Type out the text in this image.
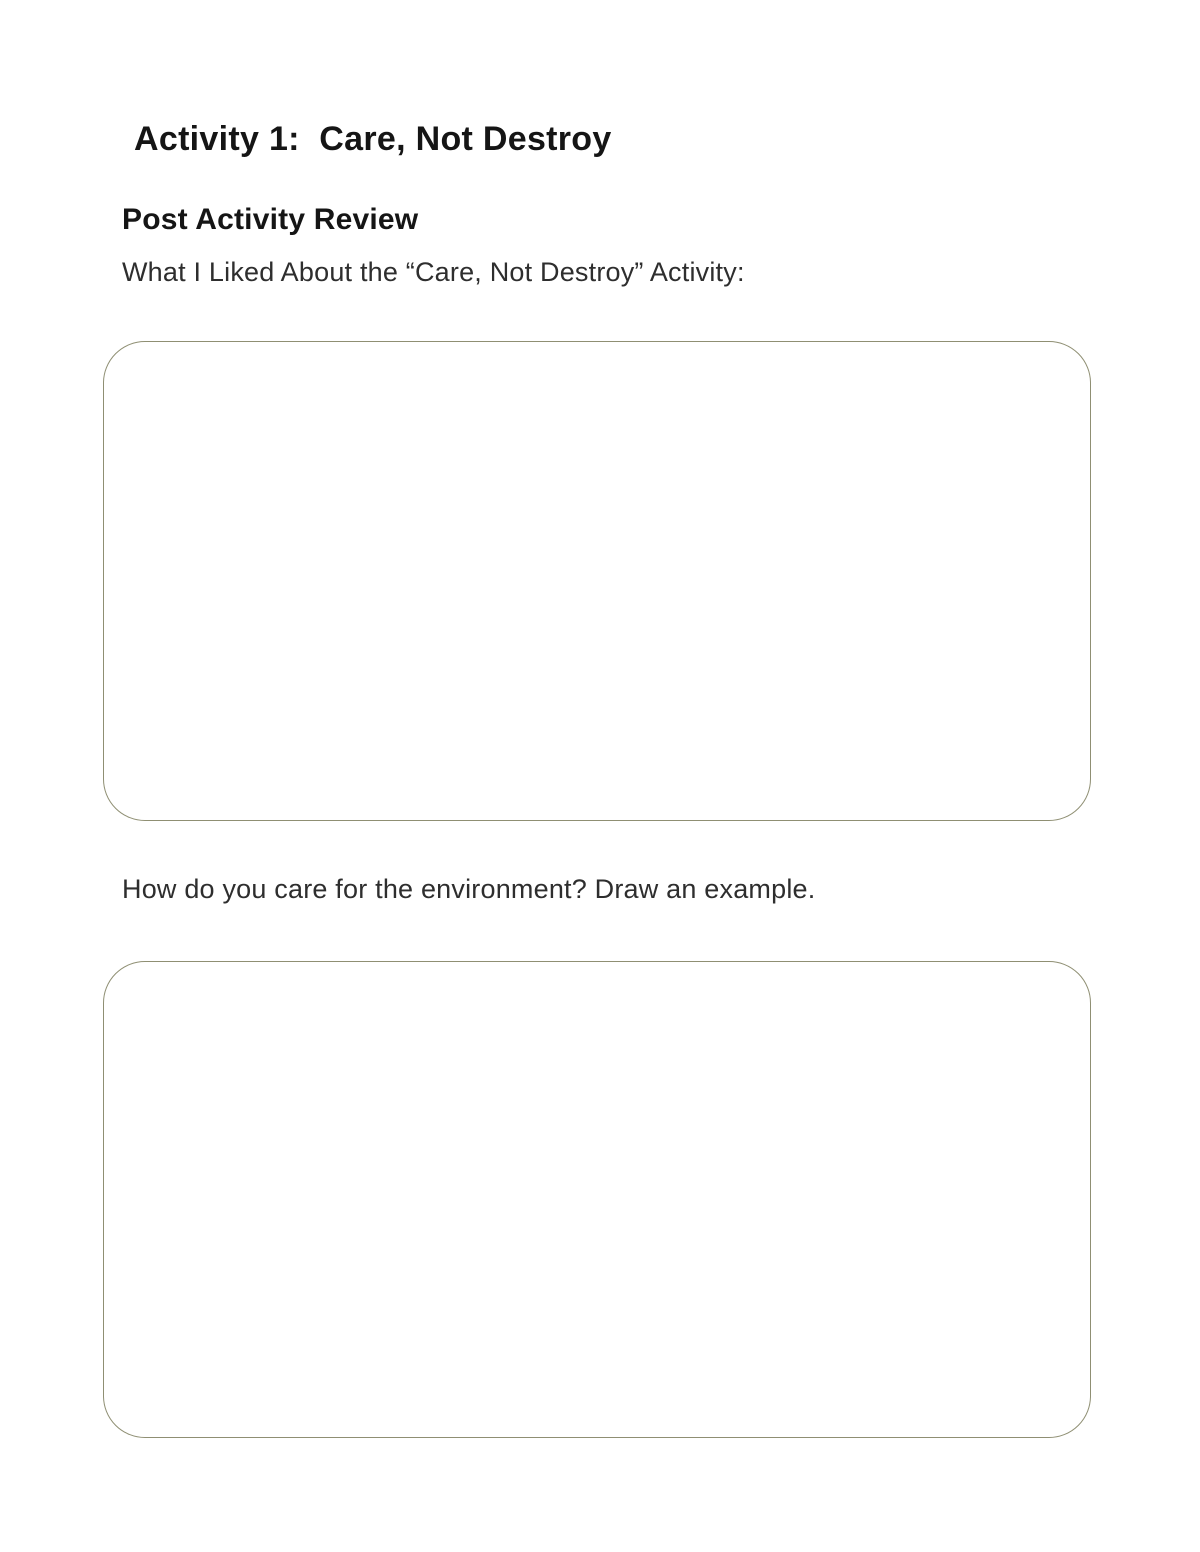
Activity 1:  Care, Not Destroy
Post Activity Review
What I Liked About the “Care, Not Destroy” Activity:
How do you care for the environment? Draw an example.
